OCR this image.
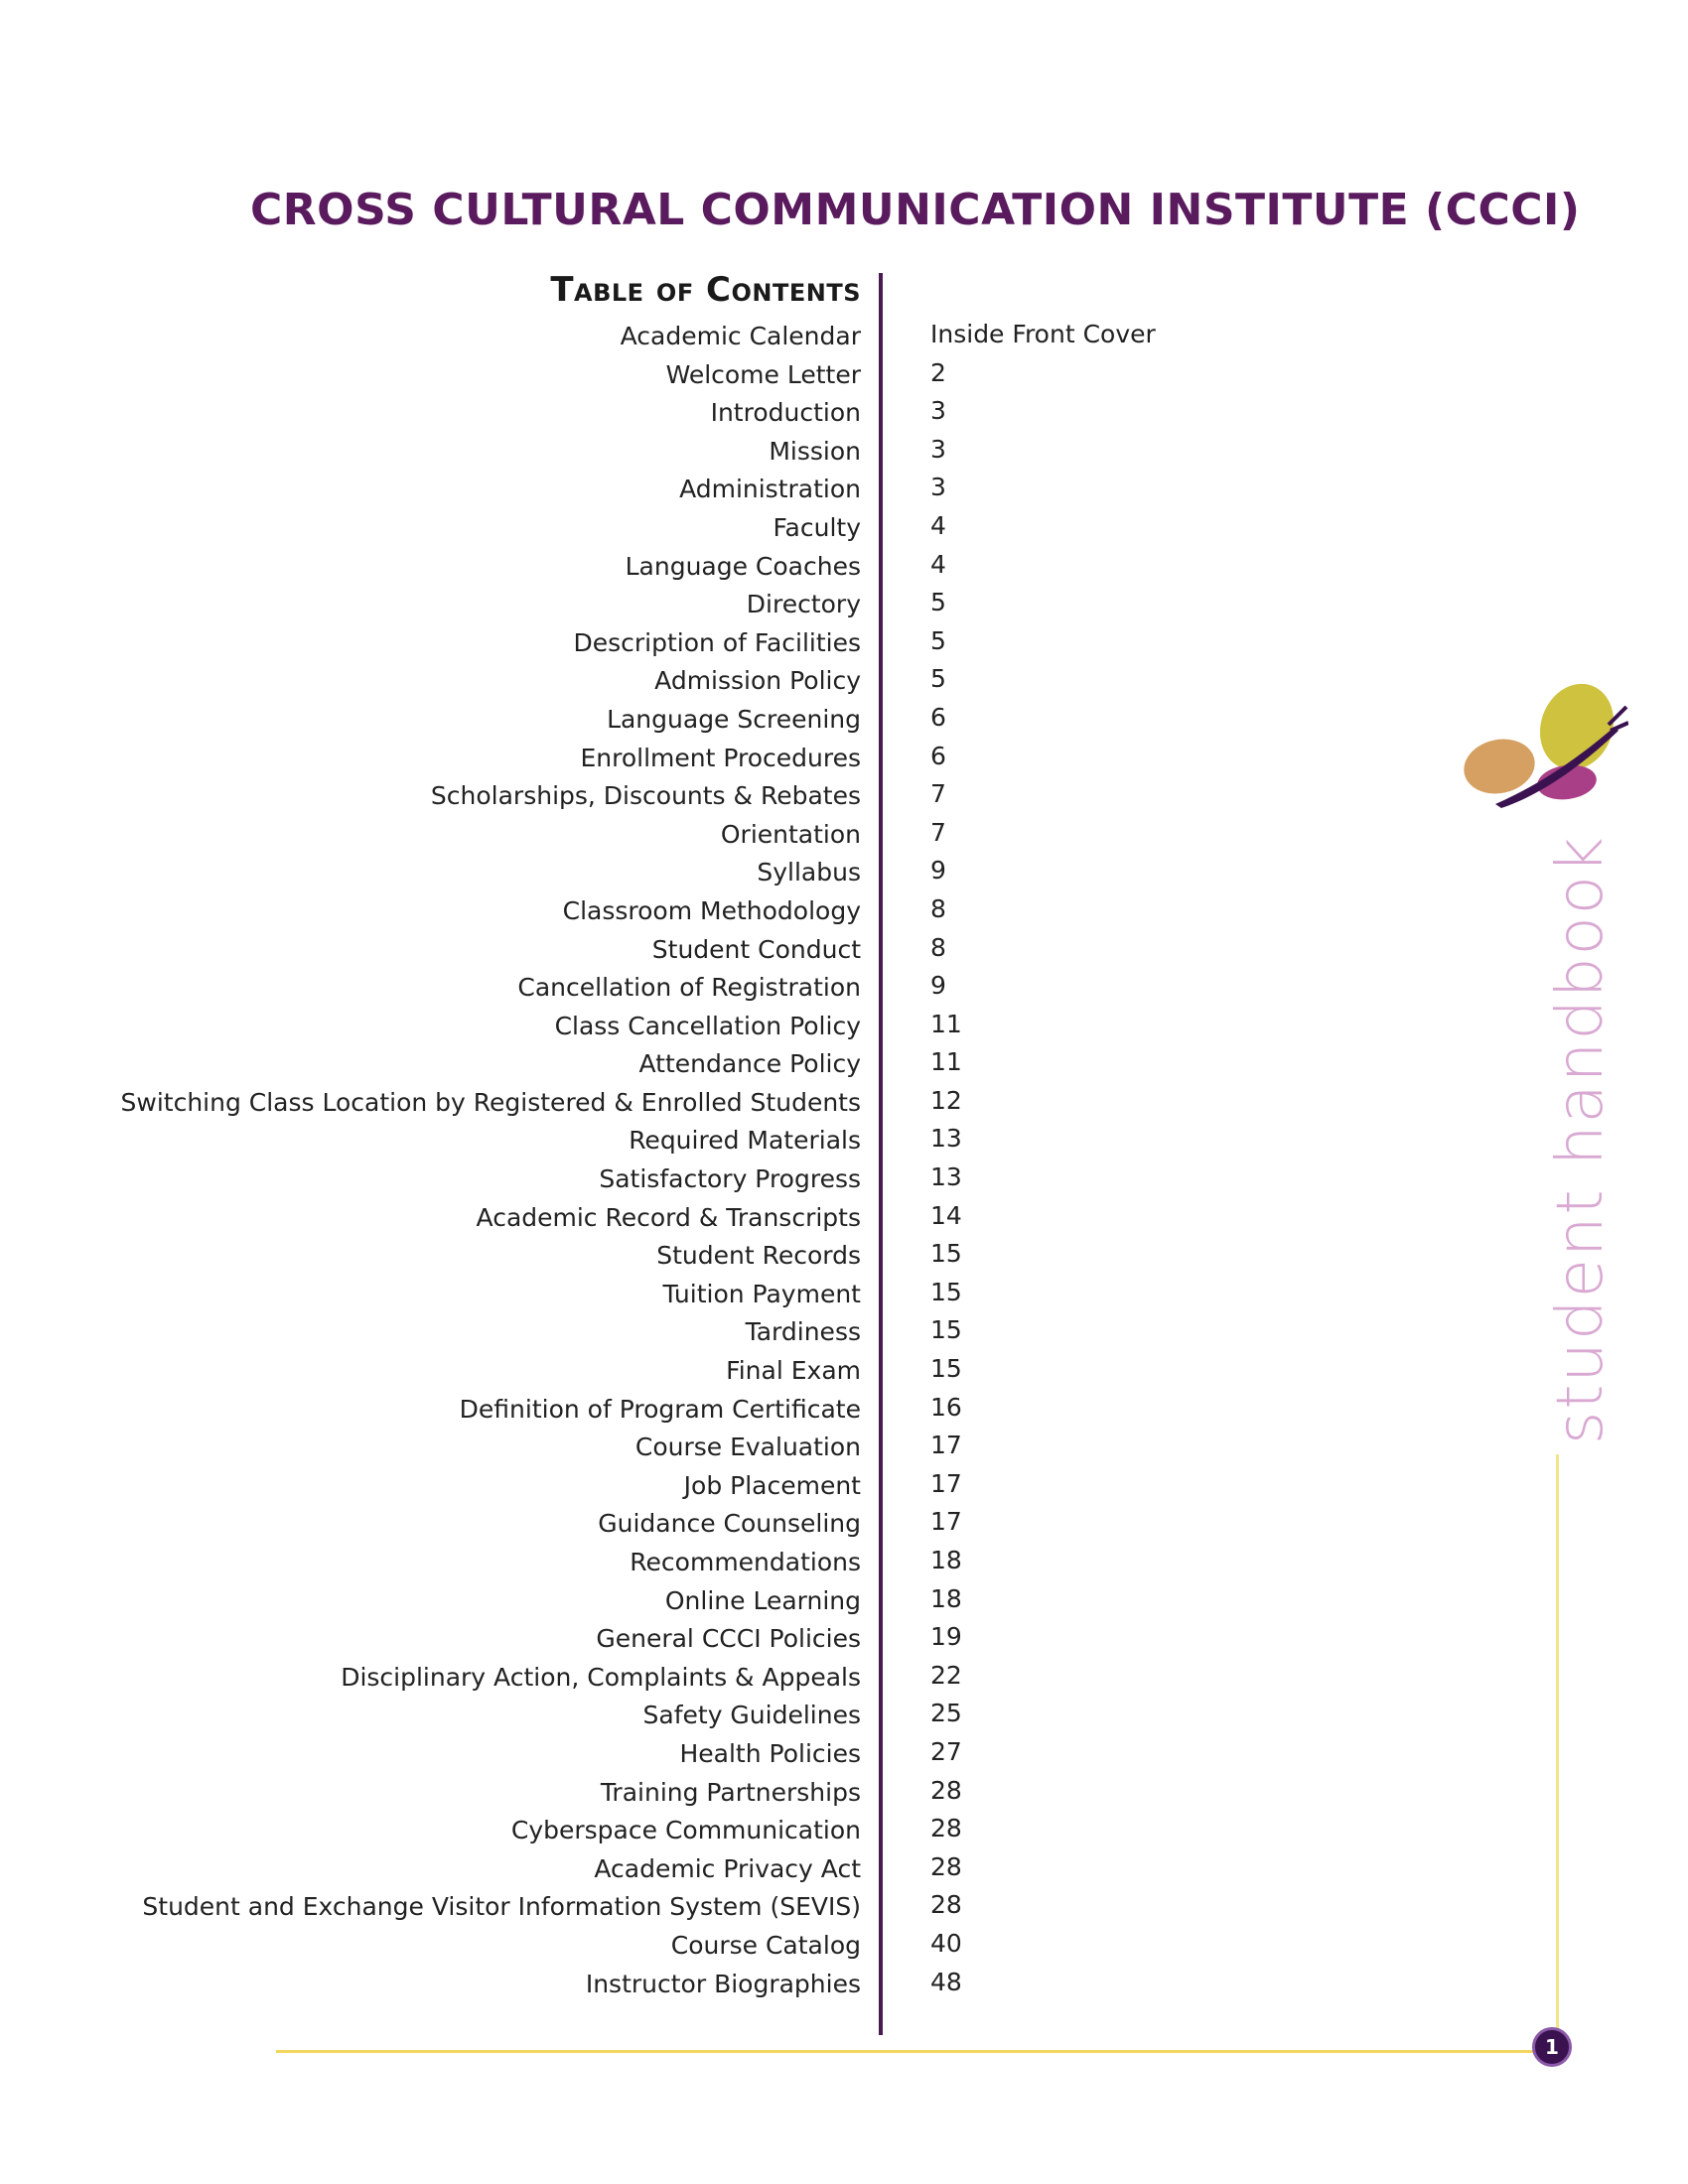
CROSS CULTURAL COMMUNICATION INSTITUTE (CCCI)
Table of Contents
Academic Calendar	Inside Front Cover
Welcome Letter	2
Introduction	3
Mission	3
Administration	3
Faculty	4
Language Coaches	4
Directory	5
Description of Facilities	5
Admission Policy	5
Language Screening	6
Enrollment Procedures	6
Scholarships, Discounts & Rebates	7
Orientation	7
Syllabus	9
Classroom Methodology	8
Student Conduct	8
Cancellation of Registration	9
Class Cancellation Policy	11
Attendance Policy	11
Switching Class Location by Registered & Enrolled Students	12
Required Materials	13
Satisfactory Progress	13
Academic Record & Transcripts	14
Student Records	15
Tuition Payment	15
Tardiness	15
Final Exam	15
Definition of Program Certificate	16
Course Evaluation	17
Job Placement	17
Guidance Counseling	17
Recommendations	18
Online Learning	18
General CCCI Policies	19
Disciplinary Action, Complaints & Appeals	22
Safety Guidelines	25
Health Policies	27
Training Partnerships	28
Cyberspace Communication	28
Academic Privacy Act	28
Student and Exchange Visitor Information System (SEVIS)	28
Course Catalog	40
Instructor Biographies	48
student handbook
1
